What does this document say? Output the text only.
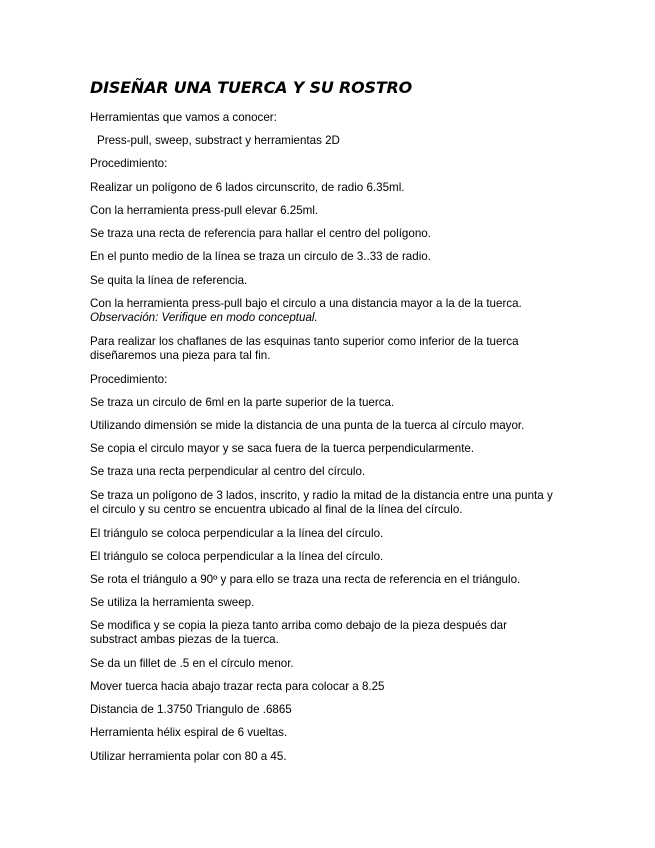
DISEÑAR UNA TUERCA Y SU ROSTRO
Herramientas que vamos a conocer:
Press-pull, sweep, substract y herramientas 2D
Procedimiento:
Realizar un polígono de 6 lados circunscrito, de radio 6.35ml.
Con la herramienta press-pull elevar 6.25ml.
Se traza una recta de referencia para hallar el centro del polígono.
En el punto medio de la línea se traza un circulo de 3..33 de radio.
Se quita la línea de referencia.
Con la herramienta press-pull bajo el circulo a una distancia mayor a la de la tuerca.
Observación: Verifique en modo conceptual.
Para realizar los chaflanes de las esquinas tanto superior como inferior de la tuerca
diseñaremos una pieza para tal fin.
Procedimiento:
Se traza un circulo de 6ml en la parte superior de la tuerca.
Utilizando dimensión se mide la distancia de una punta de la tuerca al círculo mayor.
Se copia el circulo mayor y se saca fuera de la tuerca perpendicularmente.
Se traza una recta perpendicular al centro del círculo.
Se traza un polígono de 3 lados, inscrito, y radio la mitad de la distancia entre una punta y
el circulo y su centro se encuentra ubicado al final de la línea del círculo.
El triángulo se coloca perpendicular a la línea del círculo.
El triángulo se coloca perpendicular a la línea del círculo.
Se rota el triángulo a 90º y para ello se traza una recta de referencia en el triángulo.
Se utiliza la herramienta sweep.
Se modifica y se copia la pieza tanto arriba como debajo de la pieza después dar
substract ambas piezas de la tuerca.
Se da un fillet de .5 en el círculo menor.
Mover tuerca hacia abajo trazar recta para colocar a 8.25
Distancia de 1.3750 Triangulo de .6865
Herramienta hélix espiral de 6 vueltas.
Utilizar herramienta polar con 80 a 45.
